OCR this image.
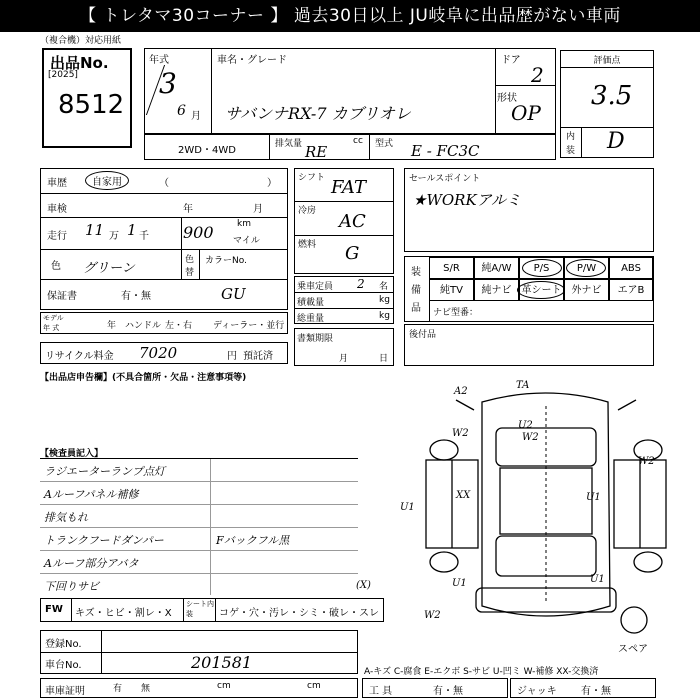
【 トレタマ30コーナー 】 過去30日以上 JU岐阜に出品歴がない車両
（複合機）対応用紙
出品No.
[2025]
8512
年式
3
6 月
車名・グレード
サバンナRX-7 カブリオレ
ドア
2
形状
OP
評価点
3.5
内
装 D
2WD・4WD
排気量	cc
RE	型式 E - FC3C
車歴	自家用	（	）
車検	年	月
走行 11 万 1 千 900	km
マイル
色 グリーン
色
替
カラーNo.
保証書	有・無	GU
モデル
年 式	年 ハンドル 左・右 ディーラー・並行
リサイクル料金 7020	円 預託済
シフト FAT
冷房 AC
燃料 G
乗車定員 2 名
積載量	kg
総重量	kg
書類期限
月	日
セールスポイント
★WORKアルミ
装
備
品
S/R	純A/W	P/S	P/W	ABS
純TV	純ナビ	革シート	外ナビ	エアB
ナビ型番：
後付品
【出品店申告欄】(不具合箇所・欠品・注意事項等)
【検査員記入】
ラジエーターランプ点灯
Aルーフパネル補修
排気もれ
トランクフードダンパー	Fバックフル黒
Aルーフ部分アバタ
下回りサビ
FW キズ・ヒビ・割レ・X
シート内装	コゲ・穴・汚レ・シミ・破レ・スレ
登録No.
車台No.	201581
車庫証明	有 無	cm	cm
A2
TA
W2
U2
W2
W2
XX
U1
U1
U1	U1
W2
(X)
スペア
A-キズ C-腐食 E-エクボ S-サビ U-凹ミ W-補修 XX-交換済
工 具	有・無	ジャッキ 有・無
